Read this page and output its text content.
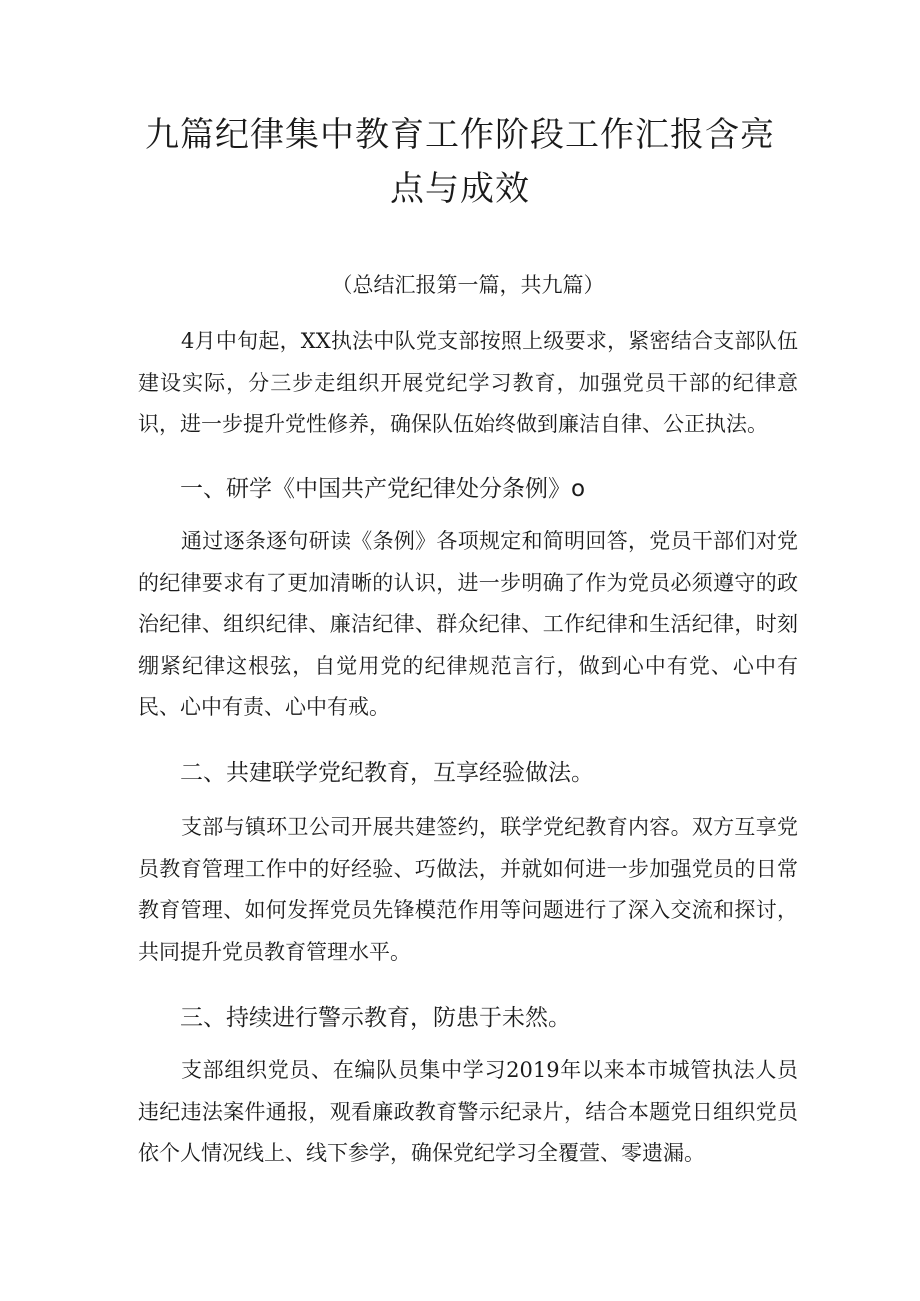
九篇纪律集中教育工作阶段工作汇报含亮点与成效
（总结汇报第一篇，共九篇）

4月中旬起，XX执法中队党支部按照上级要求，紧密结合支部队伍建设实际，分三步走组织开展党纪学习教育，加强党员干部的纪律意识，进一步提升党性修养，确保队伍始终做到廉洁自律、公正执法。

一、研学《中国共产党纪律处分条例》o

通过逐条逐句研读《条例》各项规定和简明回答，党员干部们对党的纪律要求有了更加清晰的认识，进一步明确了作为党员必须遵守的政治纪律、组织纪律、廉洁纪律、群众纪律、工作纪律和生活纪律，时刻绷紧纪律这根弦，自觉用党的纪律规范言行，做到心中有党、心中有民、心中有责、心中有戒。

二、共建联学党纪教育，互享经验做法。

支部与镇环卫公司开展共建签约，联学党纪教育内容。双方互享党员教育管理工作中的好经验、巧做法，并就如何进一步加强党员的日常教育管理、如何发挥党员先锋模范作用等问题进行了深入交流和探讨，共同提升党员教育管理水平。

三、持续进行警示教育，防患于未然。

支部组织党员、在编队员集中学习2019年以来本市城管执法人员违纪违法案件通报，观看廉政教育警示纪录片，结合本题党日组织党员依个人情况线上、线下参学，确保党纪学习全覆萱、零遗漏。
